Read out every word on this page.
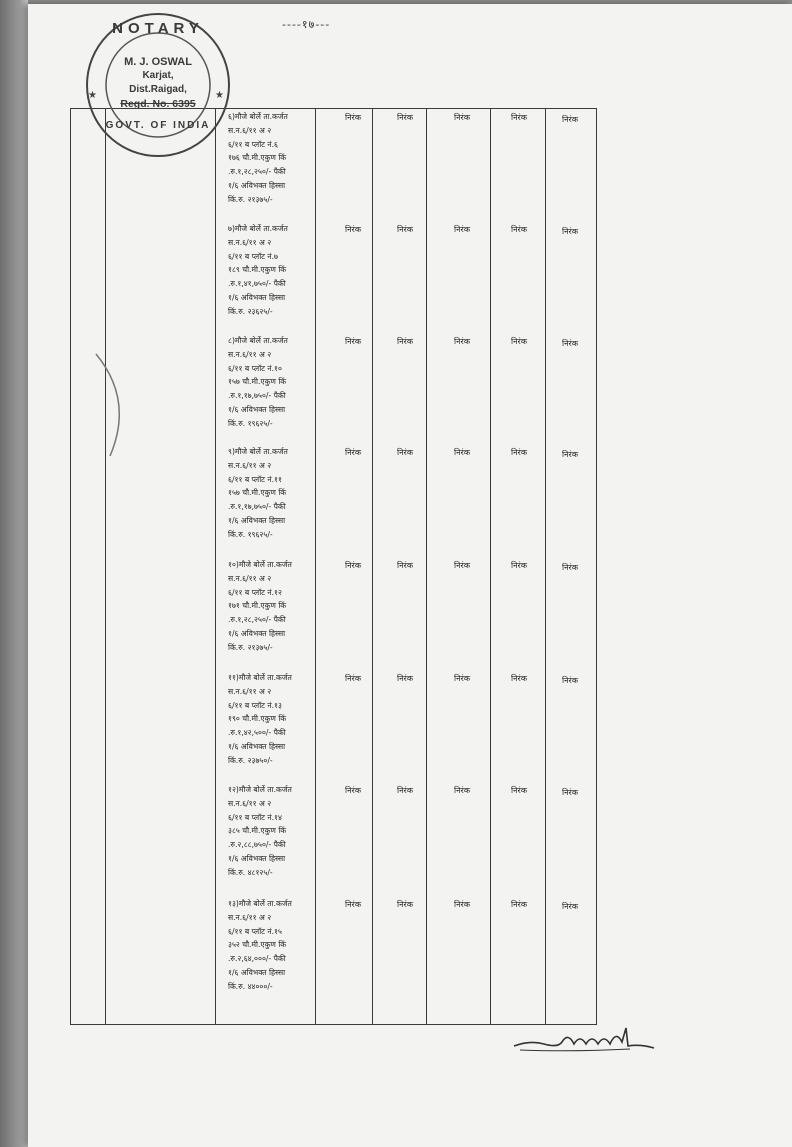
----१७---
६)मौजे बोर्ले ता.कर्जत
स.न.६/११ अ २
६/११ ब प्लॉट नं.६
१७६ चौ.मी.एकुण किं
.रु.१,२८,२५०/- पैकी
१/६ अविभक्त हिस्सा
किं.रु. २१३७५/-
निरंक	निरंक	निरंक	निरंक	निरंक
७)मौजे बोर्ले ता.कर्जत
स.न.६/११ अ २
६/११ ब प्लॉट नं.७
१८९ चौ.मी.एकुण किं
.रु.१,४१,७५०/- पैकी
१/६ अविभक्त हिस्सा
किं.रु. २३६२५/-
निरंक	निरंक	निरंक	निरंक	निरंक
८)मौजे बोर्ले ता.कर्जत
स.न.६/११ अ २
६/११ ब प्लॉट नं.१०
१५७ चौ.मी.एकुण किं
.रु.१,१७,७५०/- पैकी
१/६ अविभक्त हिस्सा
किं.रु. १९६२५/-
निरंक	निरंक	निरंक	निरंक	निरंक
९)मौजे बोर्ले ता.कर्जत
स.न.६/११ अ २
६/११ ब प्लॉट नं.११
१५७ चौ.मी.एकुण किं
.रु.१,१७,७५०/- पैकी
१/६ अविभक्त हिस्सा
किं.रु. १९६२५/-
निरंक	निरंक	निरंक	निरंक	निरंक
१०)मौजे बोर्ले ता.कर्जत
स.न.६/११ अ २
६/११ ब प्लॉट नं.१२
१७१ चौ.मी.एकुण किं
.रु.१,२८,२५०/- पैकी
१/६ अविभक्त हिस्सा
किं.रु. २१३७५/-
निरंक	निरंक	निरंक	निरंक	निरंक
११)मौजे बोर्ले ता.कर्जत
स.न.६/११ अ २
६/११ ब प्लॉट नं.१३
१९० चौ.मी.एकुण किं
.रु.१,४२,५००/- पैकी
१/६ अविभक्त हिस्सा
किं.रु. २३७५०/-
निरंक	निरंक	निरंक	निरंक	निरंक
१२)मौजे बोर्ले ता.कर्जत
स.न.६/११ अ २
६/११ ब प्लॉट नं.१४
३८५ चौ.मी.एकुण किं
.रु.२,८८,७५०/- पैकी
१/६ अविभक्त हिस्सा
किं.रु. ४८१२५/-
निरंक	निरंक	निरंक	निरंक	निरंक
१३)मौजे बोर्ले ता.कर्जत
स.न.६/११ अ २
६/११ ब प्लॉट नं.१५
३५२ चौ.मी.एकुण किं
.रु.२,६४,०००/- पैकी
१/६ अविभक्त हिस्सा
किं.रु. ४४०००/-
निरंक	निरंक	निरंक	निरंक	निरंक
★	★
NOTARY
M. J. OSWAL
Karjat,
Dist.Raigad,
Regd. No. 6395
GOVT. OF INDIA
